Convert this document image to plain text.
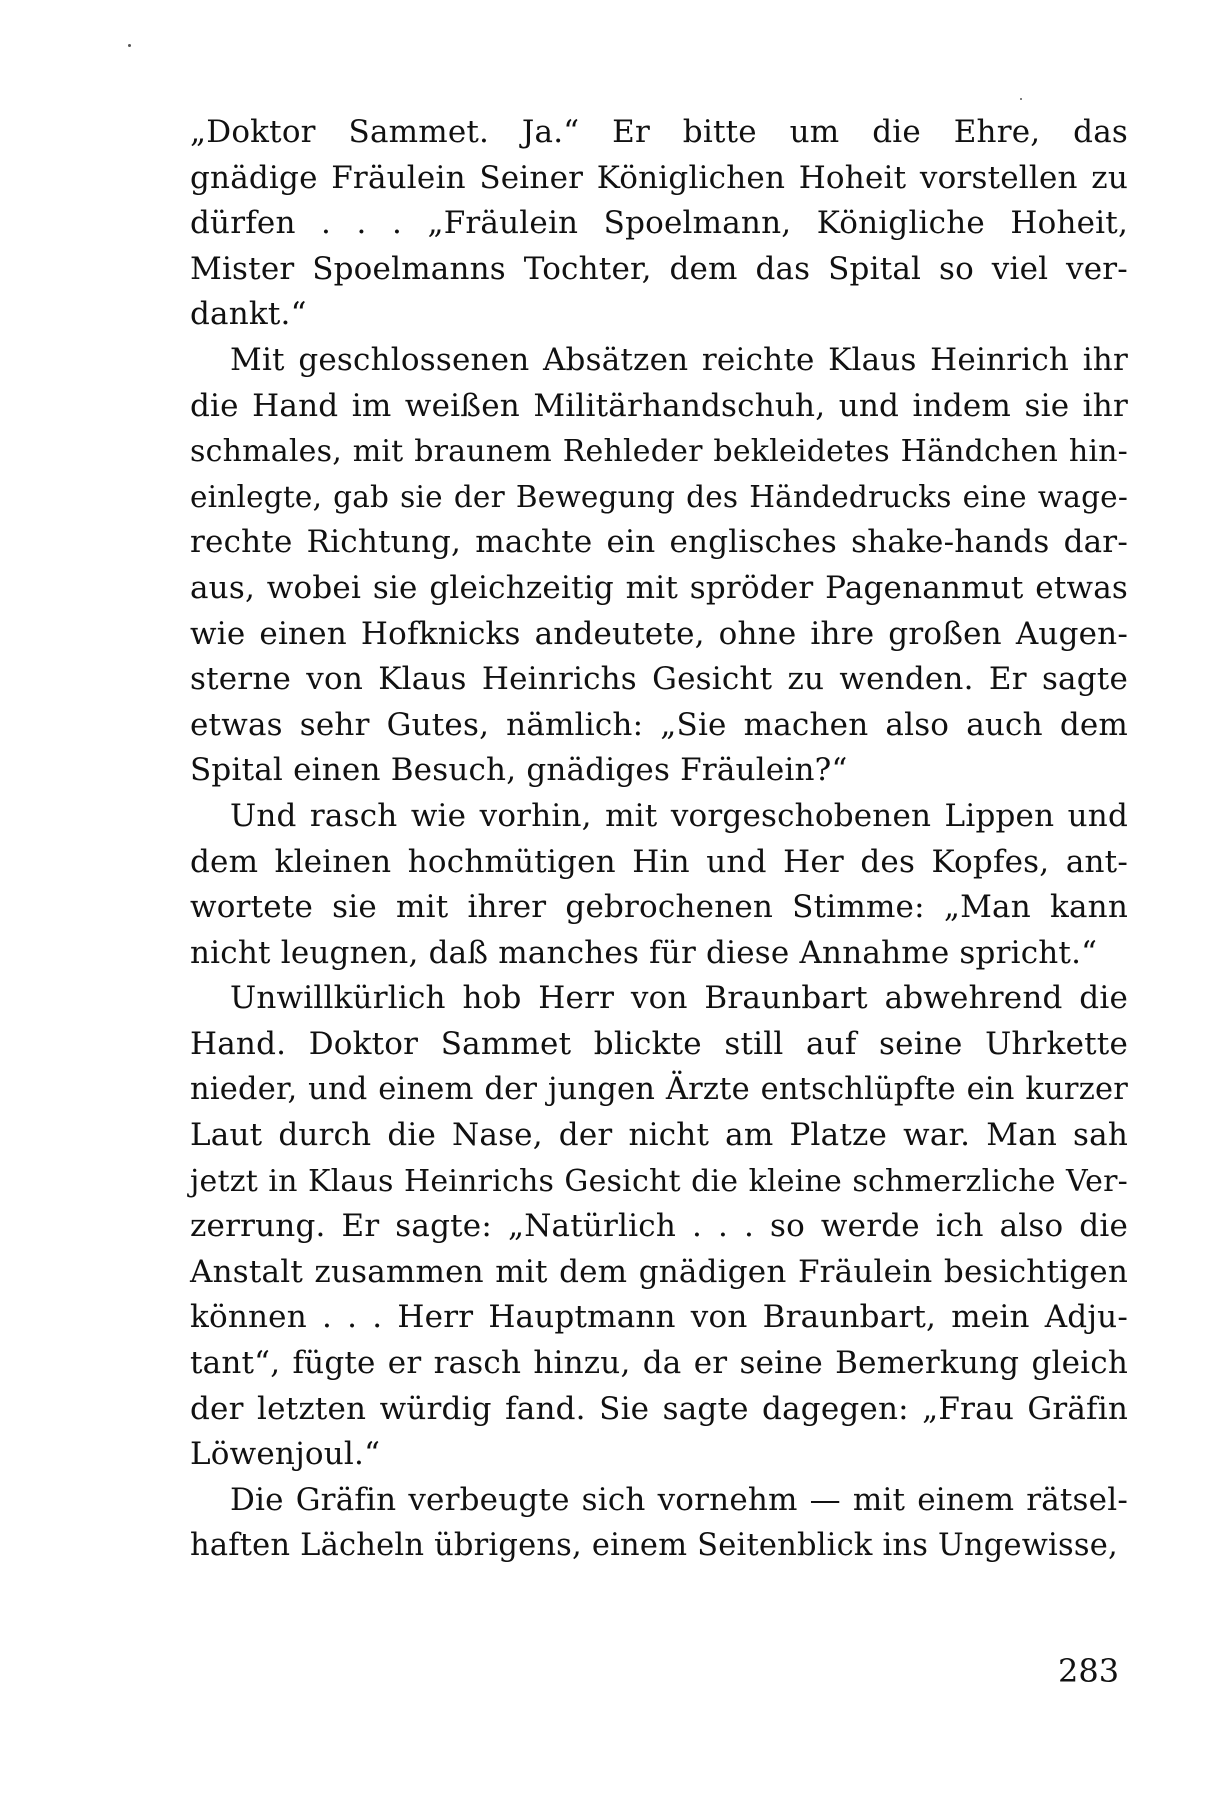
„Doktor Sammet. Ja.“ Er bitte um die Ehre, das
gnädige Fräulein Seiner Königlichen Hoheit vorstellen zu
dürfen . . . „Fräulein Spoelmann, Königliche Hoheit,
Mister Spoelmanns Tochter, dem das Spital so viel ver-
dankt.“
Mit geschlossenen Absätzen reichte Klaus Heinrich ihr
die Hand im weißen Militärhandschuh, und indem sie ihr
schmales, mit braunem Rehleder bekleidetes Händchen hin-
einlegte, gab sie der Bewegung des Händedrucks eine wage-
rechte Richtung, machte ein englisches shake-hands dar-
aus, wobei sie gleichzeitig mit spröder Pagenanmut etwas
wie einen Hofknicks andeutete, ohne ihre großen Augen-
sterne von Klaus Heinrichs Gesicht zu wenden. Er sagte
etwas sehr Gutes, nämlich: „Sie machen also auch dem
Spital einen Besuch, gnädiges Fräulein?“
Und rasch wie vorhin, mit vorgeschobenen Lippen und
dem kleinen hochmütigen Hin und Her des Kopfes, ant-
wortete sie mit ihrer gebrochenen Stimme: „Man kann
nicht leugnen, daß manches für diese Annahme spricht.“
Unwillkürlich hob Herr von Braunbart abwehrend die
Hand. Doktor Sammet blickte still auf seine Uhrkette
nieder, und einem der jungen Ärzte entschlüpfte ein kurzer
Laut durch die Nase, der nicht am Platze war. Man sah
jetzt in Klaus Heinrichs Gesicht die kleine schmerzliche Ver-
zerrung. Er sagte: „Natürlich . . . so werde ich also die
Anstalt zusammen mit dem gnädigen Fräulein besichtigen
können . . . Herr Hauptmann von Braunbart, mein Adju-
tant“, fügte er rasch hinzu, da er seine Bemerkung gleich
der letzten würdig fand. Sie sagte dagegen: „Frau Gräfin
Löwenjoul.“
Die Gräfin verbeugte sich vornehm — mit einem rätsel-
haften Lächeln übrigens, einem Seitenblick ins Ungewisse,
283
